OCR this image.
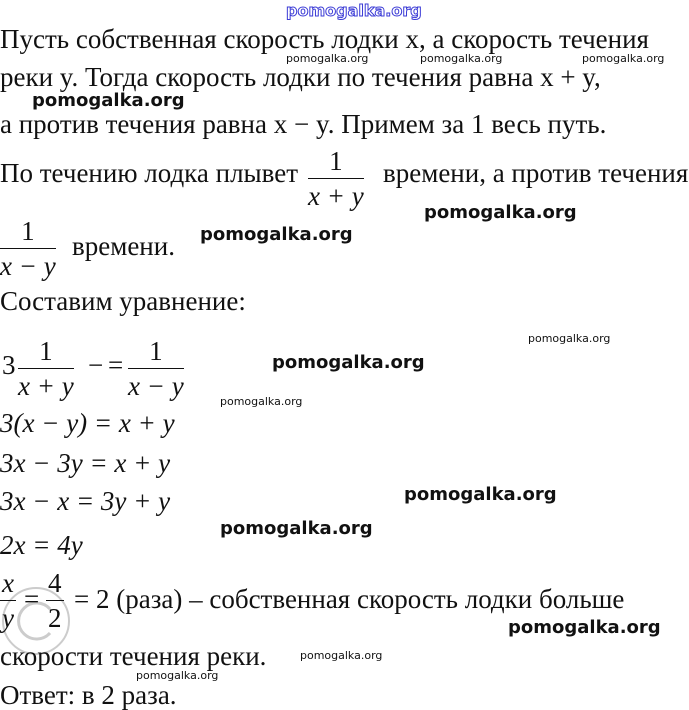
pomogalka.org
Пусть собственная скорость лодки x, а скорость течения
реки y. Тогда скорость лодки по течения равна x + y,
а против течения равна x − y. Примем за 1 весь путь.
По течению лодка плывет 1
x + y
времени, а против течения
1
x − y
времени.
Составим уравнение:
3 1
x + y
− = 1
x − y
3(x − y) = x + y
3x − 3y = x + y
3x − x = 3y + y
2x = 4y
x
y
=
4
2
= 2 (раза) – собственная скорость лодки больше
скорости течения реки.
Ответ: в 2 раза.
pomogalka.org	pomogalka.org	pomogalka.org
pomogalka.org
pomogalka.org
pomogalka.org
pomogalka.org
pomogalka.org
pomogalka.org
pomogalka.org
pomogalka.org
pomogalka.org
pomogalka.org
pomogalka.org
